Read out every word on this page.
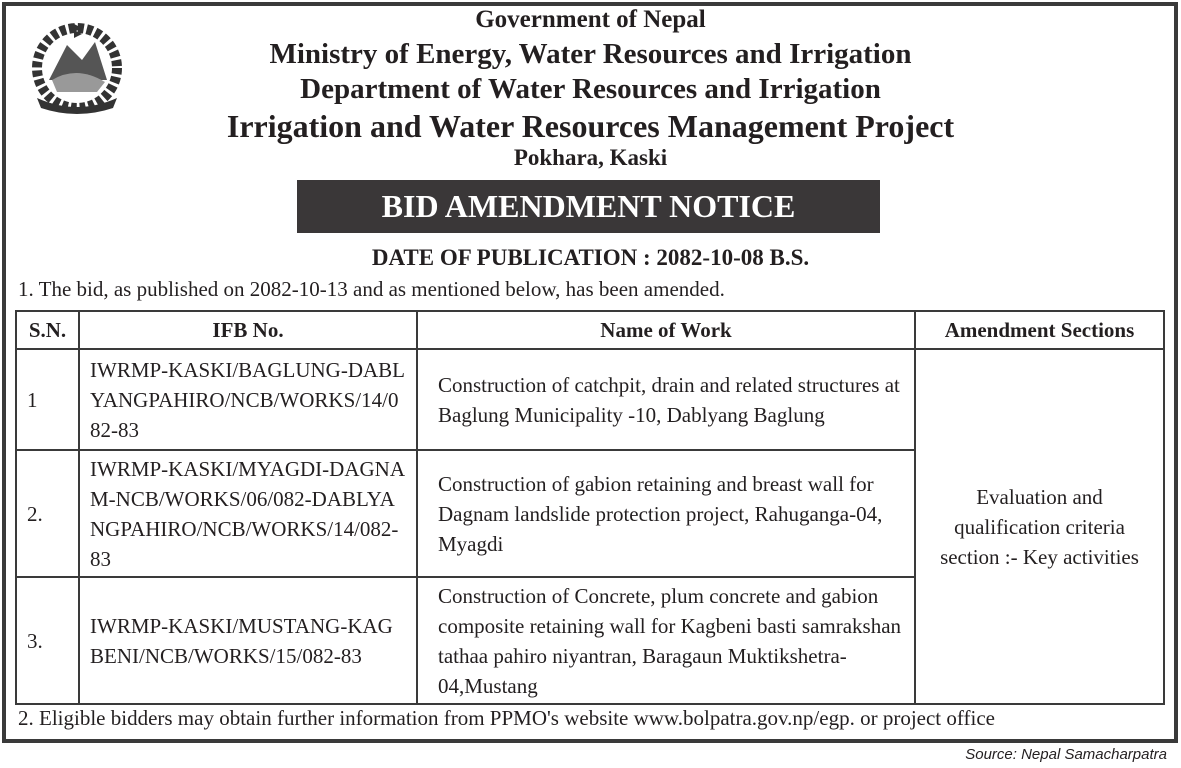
Government of Nepal
Ministry of Energy, Water Resources and Irrigation
Department of Water Resources and Irrigation
Irrigation and Water Resources Management Project
Pokhara, Kaski
BID AMENDMENT NOTICE
DATE OF PUBLICATION : 2082-10-08 B.S.
1. The bid, as published on 2082-10-13 and as mentioned below, has been amended.
S.N.	IFB No.	Name of Work	Amendment Sections
1	IWRMP-KASKI/BAGLUNG-DABLYANGPAHIRO/NCB/WORKS/14/082-83	Construction of catchpit, drain and related structures at Baglung Municipality -10, Dablyang Baglung	Evaluation and qualification criteria section :- Key activities
2.	IWRMP-KASKI/MYAGDI-DAGNAM-NCB/WORKS/06/082-DABLYANGPAHIRO/NCB/WORKS/14/082-83	Construction of gabion retaining and breast wall for Dagnam landslide protection project, Rahuganga-04, Myagdi	
3.	IWRMP-KASKI/MUSTANG-KAGBENI/NCB/WORKS/15/082-83	Construction of Concrete, plum concrete and gabion composite retaining wall for Kagbeni basti samrakshan tathaa pahiro niyantran, Baragaun Muktikshetra-04,Mustang	
2. Eligible bidders may obtain further information from PPMO's website www.bolpatra.gov.np/egp. or project office
Source: Nepal Samacharpatra
